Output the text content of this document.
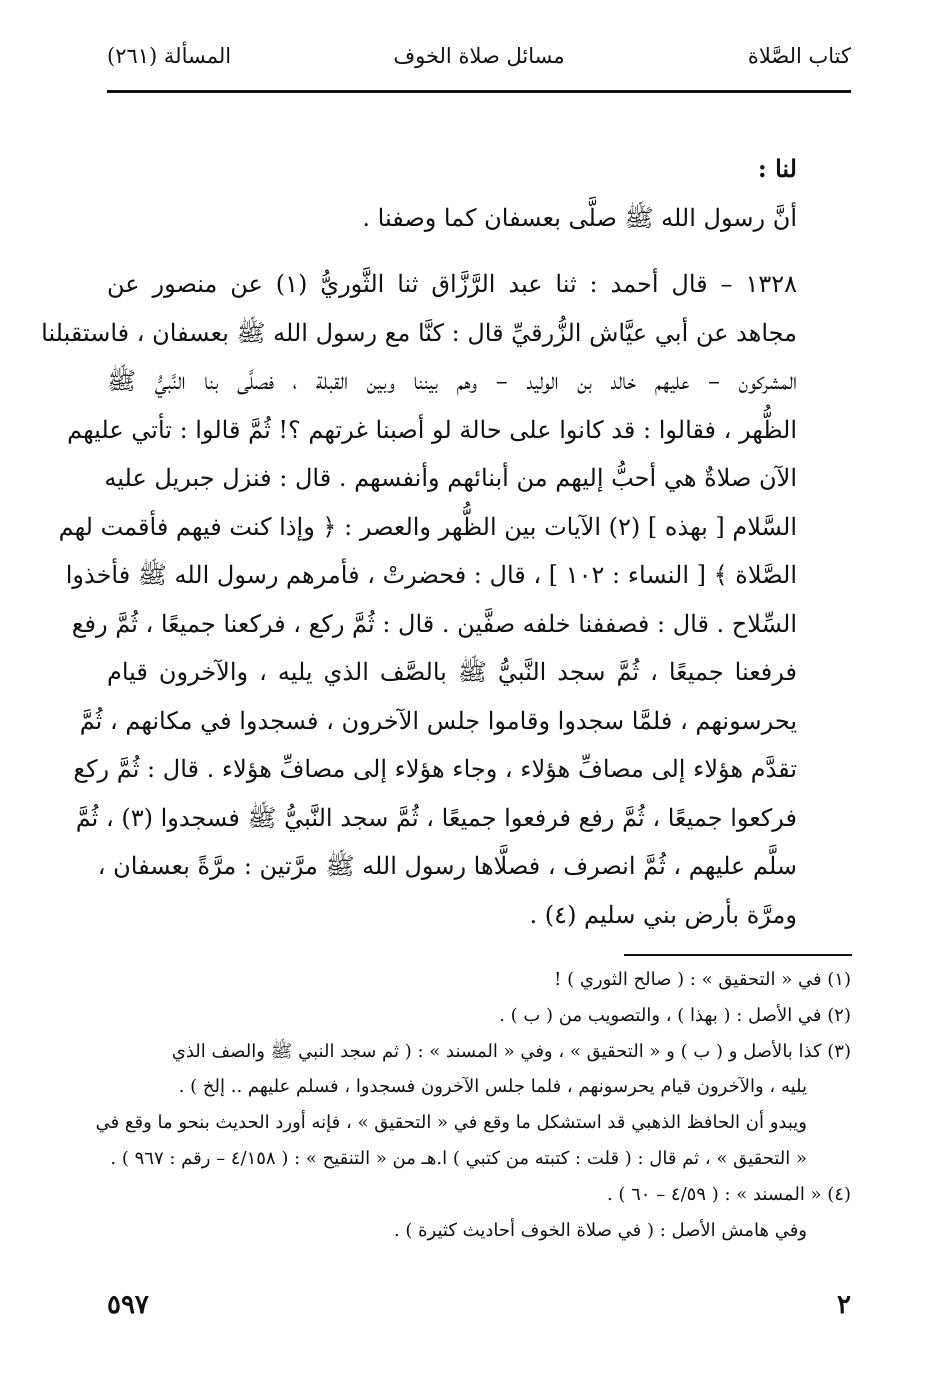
كتاب الصَّلاة
مسائل صلاة الخوف
المسألة (٢٦١)
لنا :
أنَّ رسول الله ﷺ صلَّى بعسفان كما وصفنا .
١٣٢٨ – قال أحمد : ثنا عبد الرَّزَّاق ثنا الثَّوريُّ (١) عن منصور عن
مجاهد عن أبي عيَّاش الزُّرقيِّ قال : كنَّا مع رسول الله ﷺ بعسفان ، فاستقبلنا
المشركون – عليهم خالد بن الوليد – وهم بيننا وبين القبلة ، فصلَّى بنا النَّبيُّ ﷺ
الظُّهر ، فقالوا : قد كانوا على حالة لو أصبنا غرتهم ؟! ثُمَّ قالوا : تأتي عليهم
الآن صلاةٌ هي أحبُّ إليهم من أبنائهم وأنفسهم . قال : فنزل جبريل عليه
السَّلام [ بهذه ] (٢) الآيات بين الظُّهر والعصر : ﴿ وإذا كنت فيهم فأقمت لهم
الصَّلاة ﴾ [ النساء : ١٠٢ ] ، قال : فحضرتْ ، فأمرهم رسول الله ﷺ فأخذوا
السِّلاح . قال : فصففنا خلفه صفَّين . قال : ثُمَّ ركع ، فركعنا جميعًا ، ثُمَّ رفع
فرفعنا جميعًا ، ثُمَّ سجد النَّبيُّ ﷺ بالصَّف الذي يليه ، والآخرون قيام
يحرسونهم ، فلمَّا سجدوا وقاموا جلس الآخرون ، فسجدوا في مكانهم ، ثُمَّ
تقدَّم هؤلاء إلى مصافِّ هؤلاء ، وجاء هؤلاء إلى مصافِّ هؤلاء . قال : ثُمَّ ركع
فركعوا جميعًا ، ثُمَّ رفع فرفعوا جميعًا ، ثُمَّ سجد النَّبيُّ ﷺ فسجدوا (٣) ، ثُمَّ
سلَّم عليهم ، ثُمَّ انصرف ، فصلَّاها رسول الله ﷺ مرَّتين : مرَّةً بعسفان ،
ومرَّة بأرض بني سليم (٤) .
(١) في « التحقيق » : ( صالح الثوري ) !
(٢) في الأصل : ( بهذا ) ، والتصويب من ( ب ) .
(٣) كذا بالأصل و ( ب ) و « التحقيق » ، وفي « المسند » : ( ثم سجد النبي ﷺ والصف الذي
يليه ، والآخرون قيام يحرسونهم ، فلما جلس الآخرون فسجدوا ، فسلم عليهم .. إلخ ) .
ويبدو أن الحافظ الذهبي قد استشكل ما وقع في « التحقيق » ، فإنه أورد الحديث بنحو ما وقع في
« التحقيق » ، ثم قال : ( قلت : كتبته من كتبي ) ا.هـ من « التنقيح » : ( ٤/١٥٨ – رقم : ٩٦٧ ) .
(٤) « المسند » : ( ٤/٥٩ – ٦٠ ) .
وفي هامش الأصل : ( في صلاة الخوف أحاديث كثيرة ) .
٢
٥٩٧
